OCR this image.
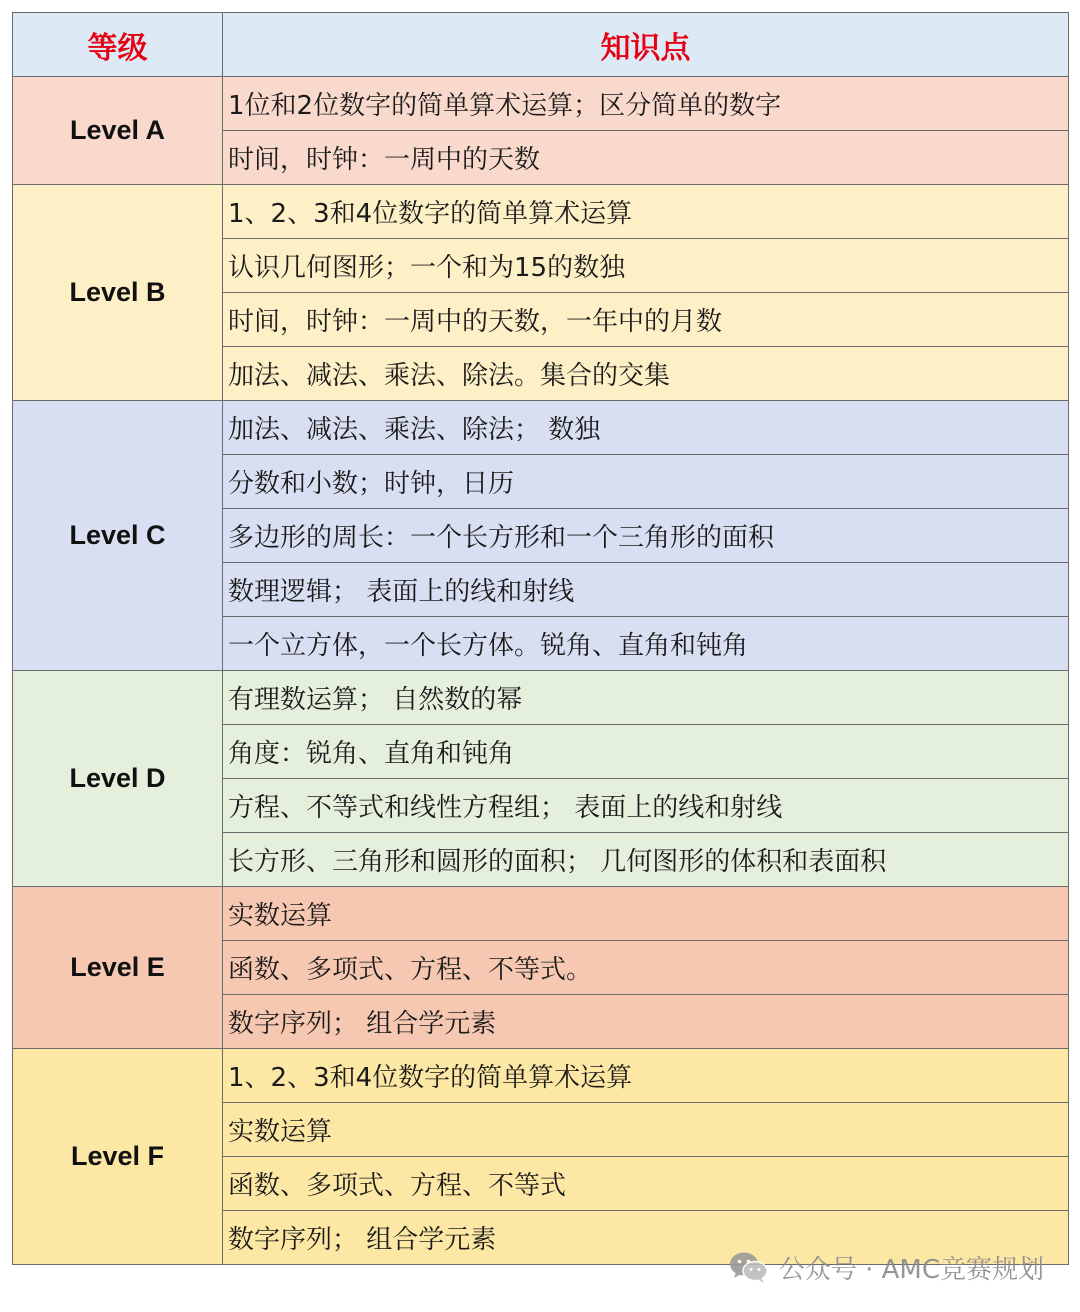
等级	知识点
Level A	1位和2位数字的简单算术运算；区分简单的数字
	时间，时钟：一周中的天数
Level B	1、2、3和4位数字的简单算术运算
	认识几何图形；一个和为15的数独
	时间，时钟：一周中的天数，一年中的月数
	加法、减法、乘法、除法。集合的交集
Level C	加法、减法、乘法、除法； 数独
	分数和小数；时钟，日历
	多边形的周长：一个长方形和一个三角形的面积
	数理逻辑； 表面上的线和射线
	一个立方体，一个长方体。锐角、直角和钝角
Level D	有理数运算； 自然数的幂
	角度：锐角、直角和钝角
	方程、不等式和线性方程组； 表面上的线和射线
	长方形、三角形和圆形的面积； 几何图形的体积和表面积
Level E	实数运算
	函数、多项式、方程、不等式。
	数字序列； 组合学元素
Level F	1、2、3和4位数字的简单算术运算
	实数运算
	函数、多项式、方程、不等式
	数字序列； 组合学元素
公众号 · AMC竞赛规划
